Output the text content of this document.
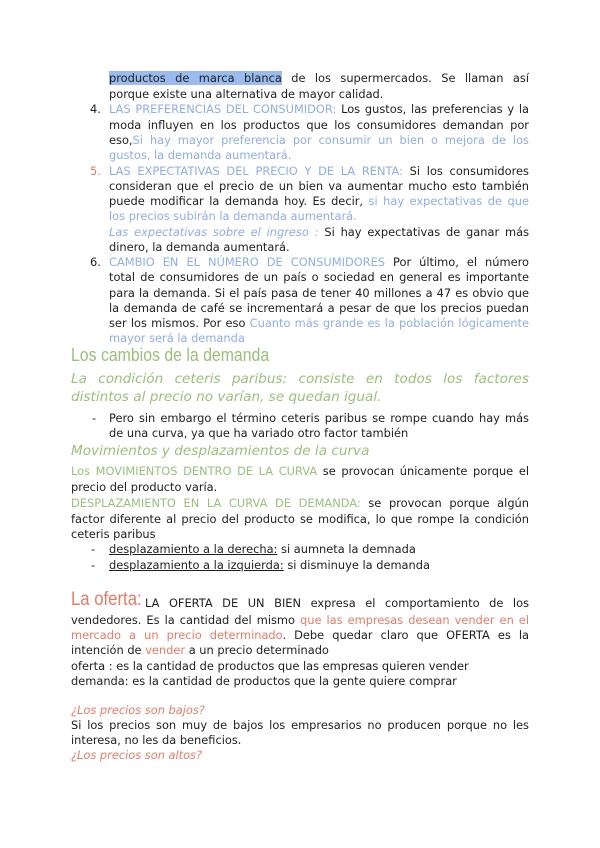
productos de marca blanca de los supermercados. Se llaman así
porque existe una alternativa de mayor calidad.
4. LAS PREFERENCIAS DEL CONSUMIDOR: Los gustos, las preferencias y la
moda influyen en los productos que los consumidores demandan por
eso,Si hay mayor preferencia por consumir un bien o mejora de los
gustos, la demanda aumentará.
5. LAS EXPECTATIVAS DEL PRECIO Y DE LA RENTA: Si los consumidores
consideran que el precio de un bien va aumentar mucho esto también
puede modificar la demanda hoy. Es decir, si hay expectativas de que
los precios subirán la demanda aumentará.
Las expectativas sobre el ingreso : Si hay expectativas de ganar más
dinero, la demanda aumentará.
6. CAMBIO EN EL NÚMERO DE CONSUMIDORES Por último, el número
total de consumidores de un país o sociedad en general es importante
para la demanda. Si el país pasa de tener 40 millones a 47 es obvio que
la demanda de café se incrementará a pesar de que los precios puedan
ser los mismos. Por eso Cuanto más grande es la población lógicamente
mayor será la demanda
Los cambios de la demanda
La condición ceteris paribus: consiste en todos los factores
distintos al precio no varían, se quedan igual.
- Pero sin embargo el término ceteris paribus se rompe cuando hay más
de una curva, ya que ha variado otro factor también
Movimientos y desplazamientos de la curva
Los MOVIMIENTOS DENTRO DE LA CURVA se provocan únicamente porque el
precio del producto varía.
DESPLAZAMIENTO EN LA CURVA DE DEMANDA: se provocan porque algún
factor diferente al precio del producto se modifica, lo que rompe la condición
ceteris paribus
- desplazamiento a la derecha: si aumneta la demnada
- desplazamiento a la izquierda: si disminuye la demanda
La oferta: LA OFERTA DE UN BIEN expresa el comportamiento de los
vendedores. Es la cantidad del mismo que las empresas desean vender en el
mercado a un precio determinado. Debe quedar claro que OFERTA es la
intención de vender a un precio determinado
oferta : es la cantidad de productos que las empresas quieren vender
demanda: es la cantidad de productos que la gente quiere comprar
¿Los precios son bajos?
Si los precios son muy de bajos los empresarios no producen porque no les
interesa, no les da beneficios.
¿Los precios son altos?
